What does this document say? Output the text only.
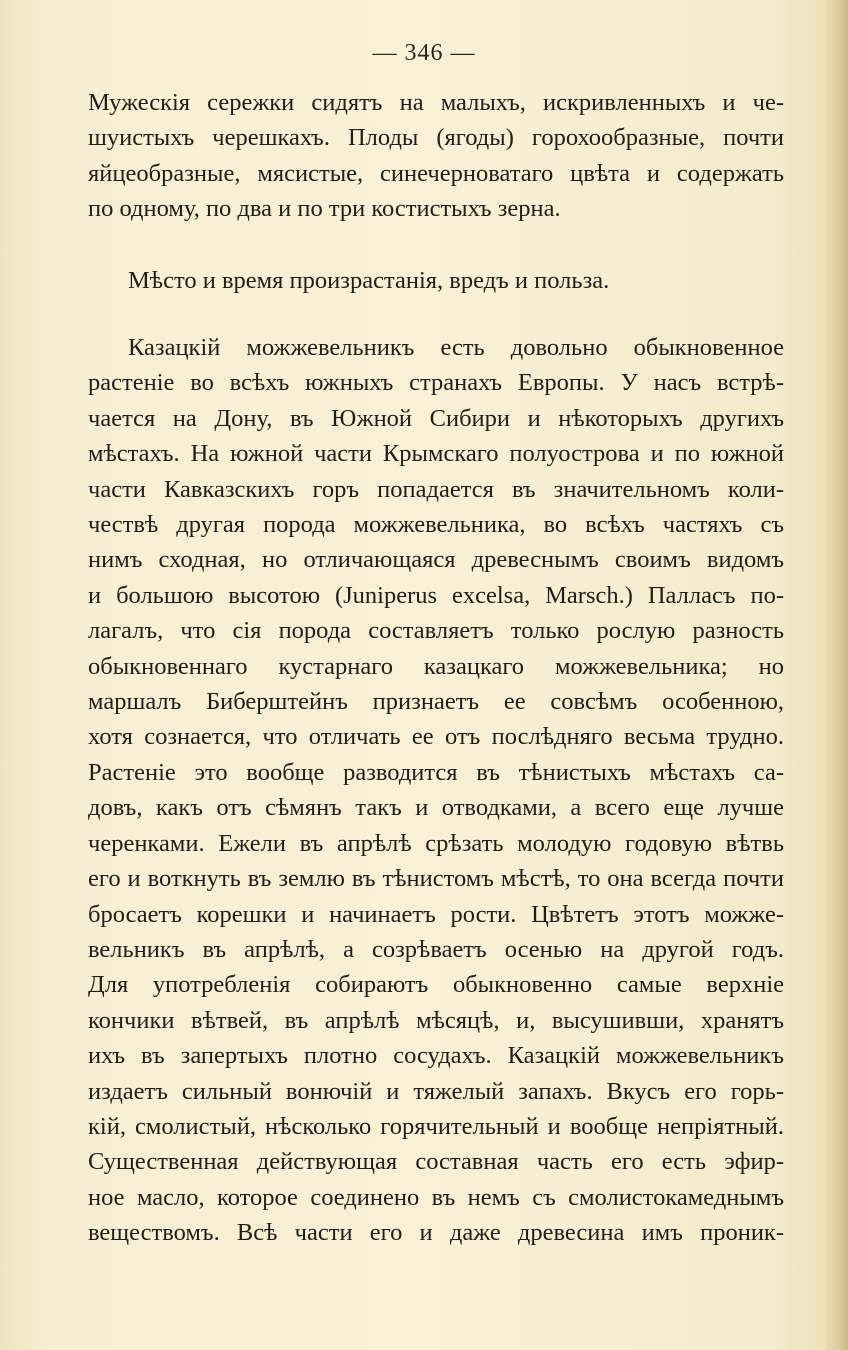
— 346 —
Мужескія сережки сидятъ на малыхъ, искривленныхъ и че-
шуистыхъ черешкахъ. Плоды (ягоды) горохообразные, почти
яйцеобразные, мясистые, синечерноватаго цвѣта и содержать
по одному, по два и по три костистыхъ зерна.
Мѣсто и время произрастанія, вредъ и польза.
Казацкій можжевельникъ есть довольно обыкновенное
растеніе во всѣхъ южныхъ странахъ Европы. У насъ встрѣ-
чается на Дону, въ Южной Сибири и нѣкоторыхъ другихъ
мѣстахъ. На южной части Крымскаго полуострова и по южной
части Кавказскихъ горъ попадается въ значительномъ коли-
чествѣ другая порода можжевельника, во всѣхъ частяхъ съ
нимъ сходная, но отличающаяся древеснымъ своимъ видомъ
и большою высотою (Juniperus excelsa, Marsch.) Палласъ по-
лагалъ, что сія порода составляетъ только рослую разность
обыкновеннаго кустарнаго казацкаго можжевельника; но
маршалъ Биберштейнъ признаетъ ее совсѣмъ особенною,
хотя сознается, что отличать ее отъ послѣдняго весьма трудно.
Растеніе это вообще разводится въ тѣнистыхъ мѣстахъ са-
довъ, какъ отъ сѣмянъ такъ и отводками, а всего еще лучше
черенками. Ежели въ апрѣлѣ срѣзать молодую годовую вѣтвь
его и воткнуть въ землю въ тѣнистомъ мѣстѣ, то она всегда почти
бросаетъ корешки и начинаетъ рости. Цвѣтетъ этотъ можже-
вельникъ въ апрѣлѣ, а созрѣваетъ осенью на другой годъ.
Для употребленія собираютъ обыкновенно самые верхніе
кончики вѣтвей, въ апрѣлѣ мѣсяцѣ, и, высушивши, хранятъ
ихъ въ запертыхъ плотно сосудахъ. Казацкій можжевельникъ
издаетъ сильный вонючій и тяжелый запахъ. Вкусъ его горь-
кій, смолистый, нѣсколько горячительный и вообще непріятный.
Существенная действующая составная часть его есть эфир-
ное масло, которое соединено въ немъ съ смолистокамеднымъ
веществомъ. Всѣ части его и даже древесина имъ проник-
